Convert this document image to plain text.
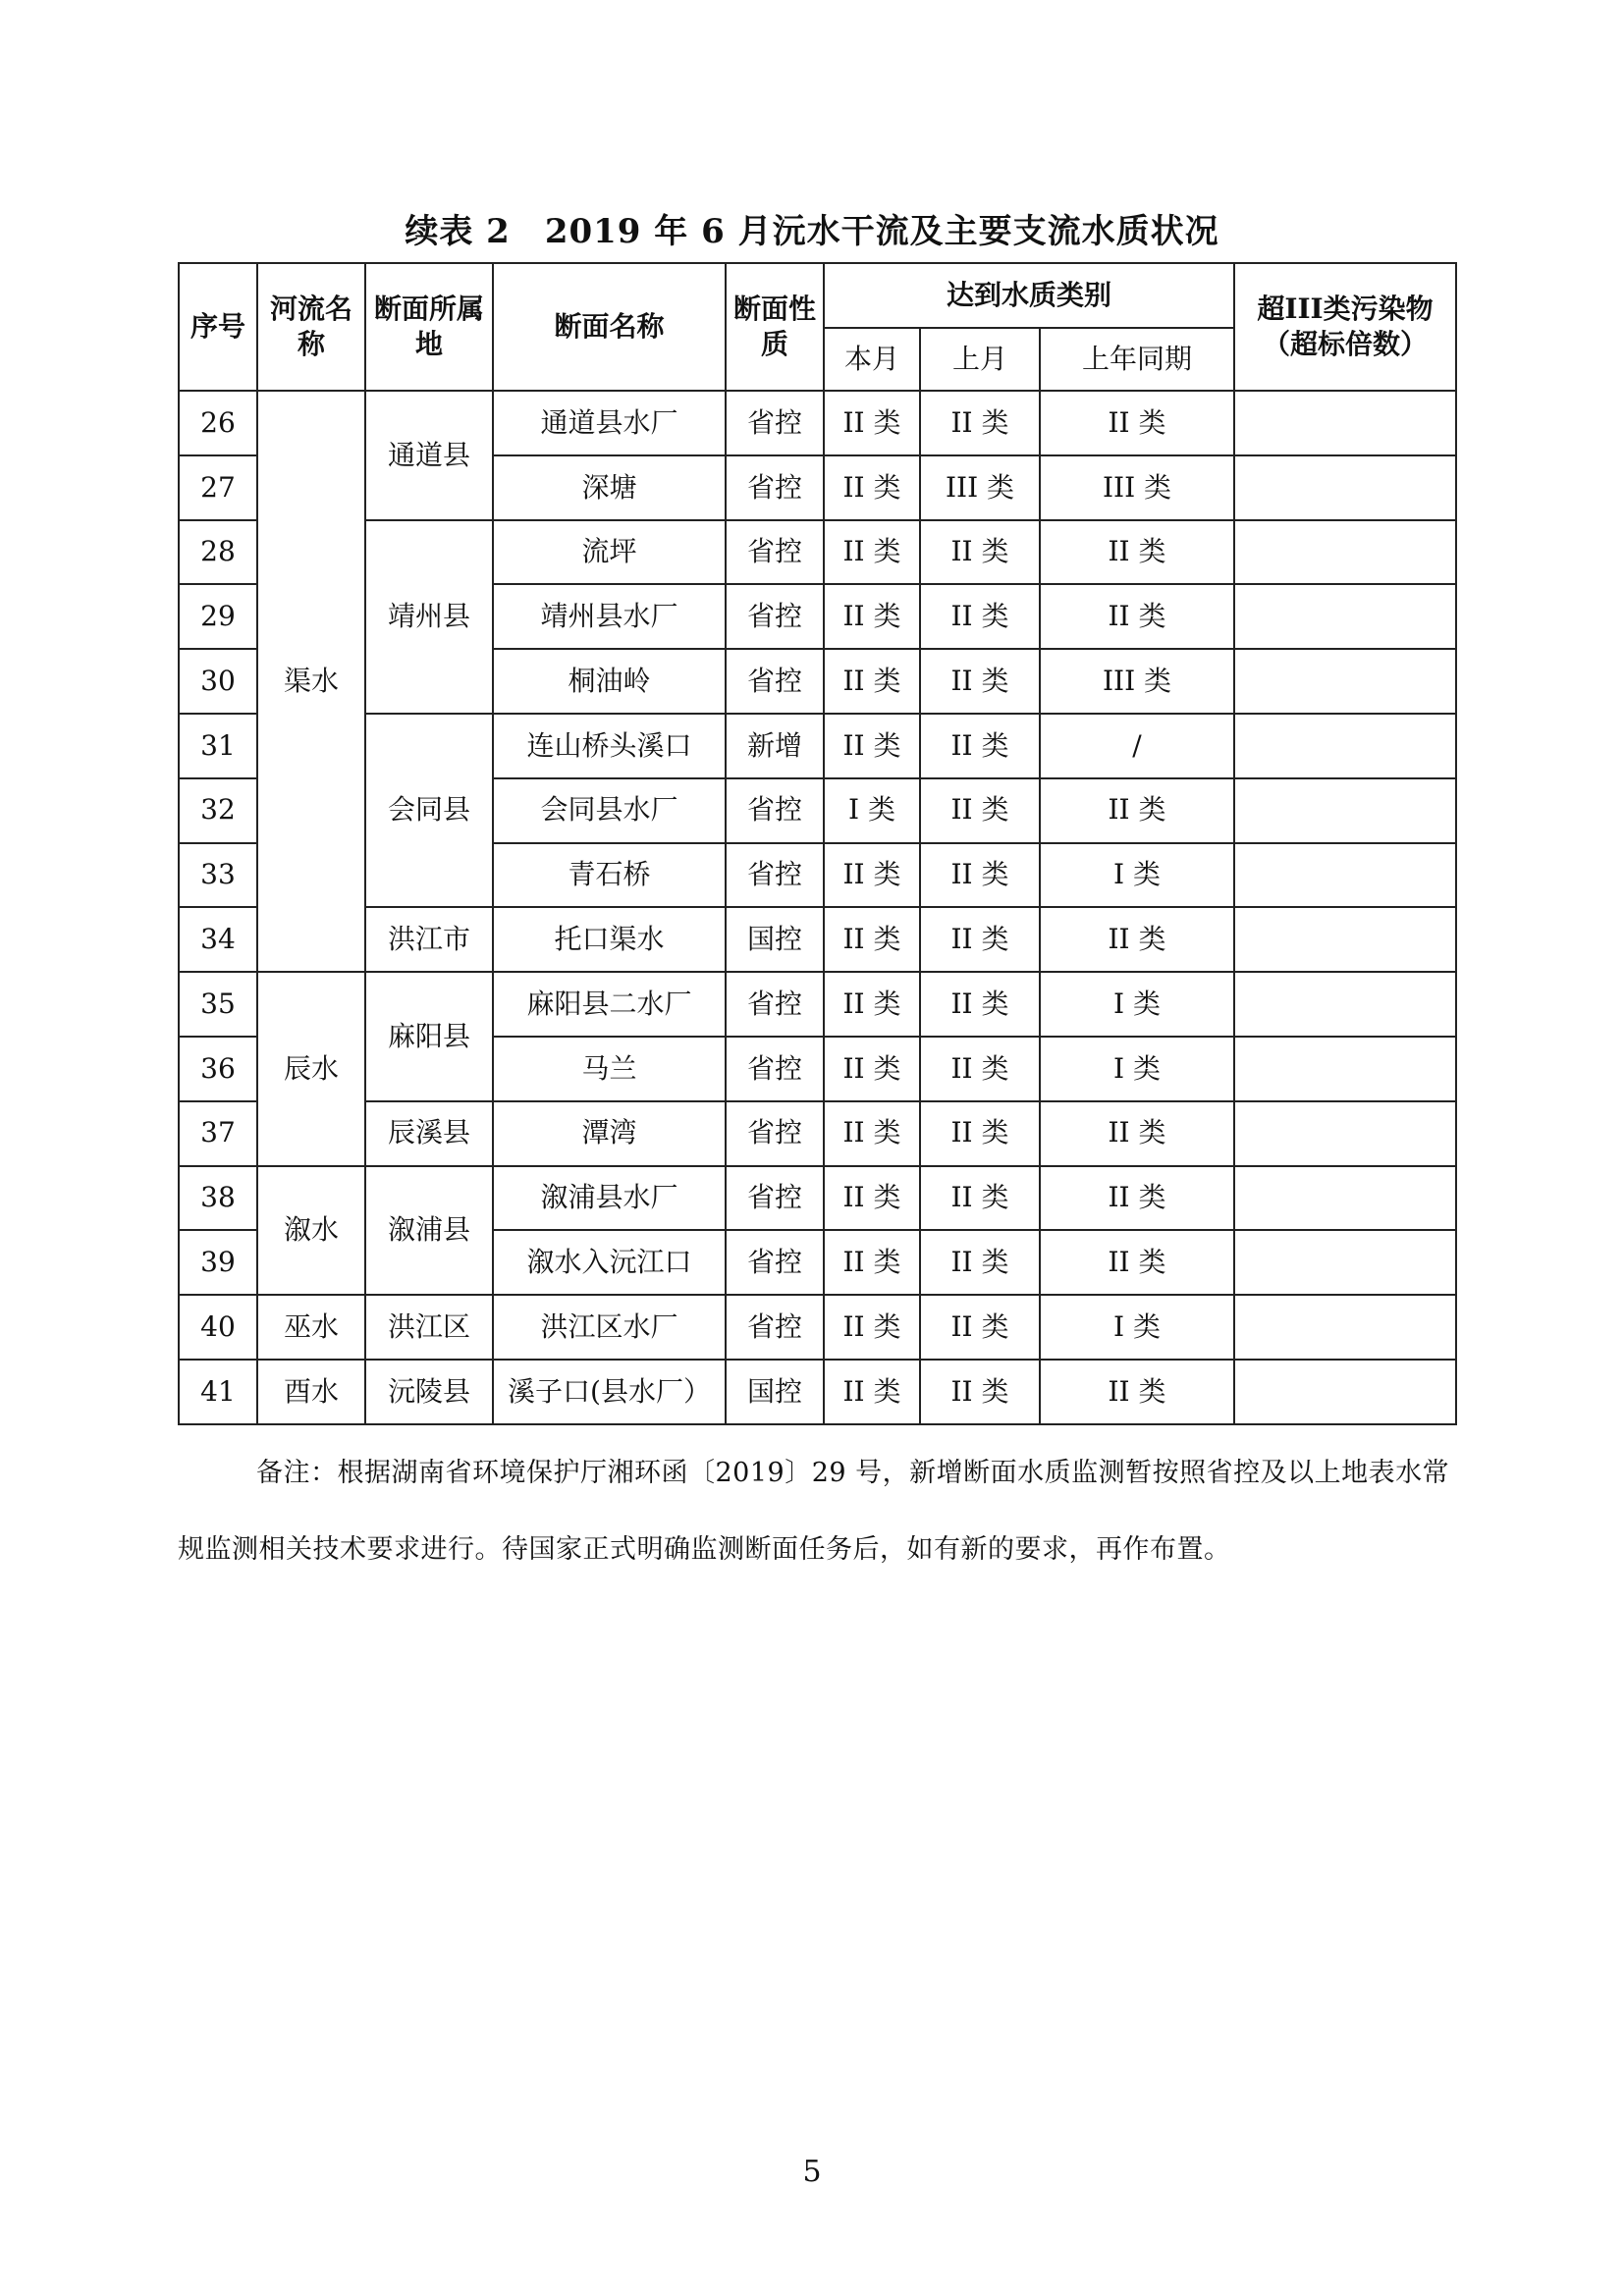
续表 2　2019 年 6 月沅水干流及主要支流水质状况
序号	河流名称	断面所属地	断面名称	断面性质	达到水质类别			超III类污染物（超标倍数）
					本月	上月	上年同期	
26	渠水	通道县	通道县水厂	省控	II 类	II 类	II 类	
27			深塘	省控	II 类	III 类	III 类	
28		靖州县	流坪	省控	II 类	II 类	II 类	
29			靖州县水厂	省控	II 类	II 类	II 类	
30			桐油岭	省控	II 类	II 类	III 类	
31		会同县	连山桥头溪口	新增	II 类	II 类	/	
32			会同县水厂	省控	I 类	II 类	II 类	
33			青石桥	省控	II 类	II 类	I 类	
34		洪江市	托口渠水	国控	II 类	II 类	II 类	
35	辰水	麻阳县	麻阳县二水厂	省控	II 类	II 类	I 类	
36			马兰	省控	II 类	II 类	I 类	
37		辰溪县	潭湾	省控	II 类	II 类	II 类	
38	溆水	溆浦县	溆浦县水厂	省控	II 类	II 类	II 类	
39			溆水入沅江口	省控	II 类	II 类	II 类	
40	巫水	洪江区	洪江区水厂	省控	II 类	II 类	I 类	
41	酉水	沅陵县	溪子口(县水厂）	国控	II 类	II 类	II 类	
备注：根据湖南省环境保护厅湘环函〔2019〕29 号，新增断面水质监测暂按照省控及以上地表水常规监测相关技术要求进行。待国家正式明确监测断面任务后，如有新的要求，再作布置。
5
